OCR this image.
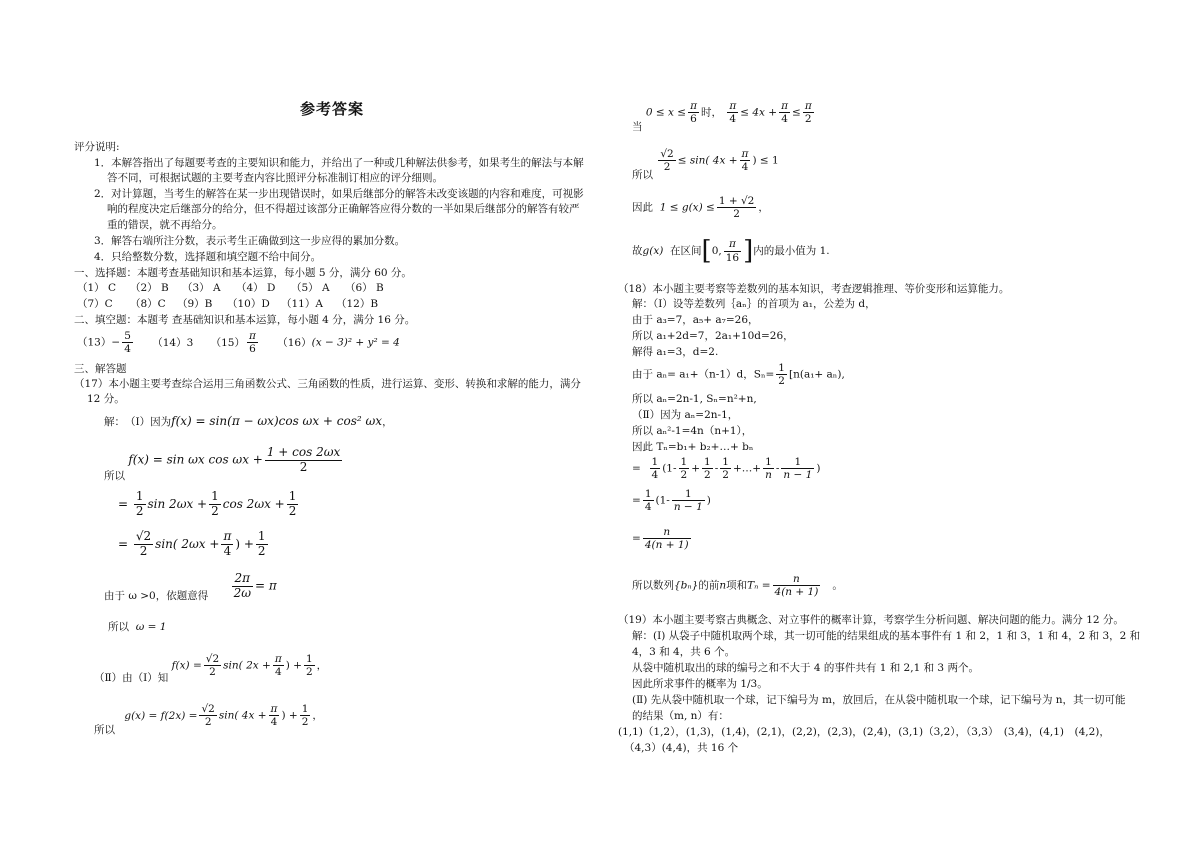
参考答案
评分说明:
1．本解答指出了每题要考查的主要知识和能力，并给出了一种或几种解法供参考，如果考生的解法与本解
答不同，可根据试题的主要考查内容比照评分标准制订相应的评分细则。
2．对计算题，当考生的解答在某一步出现错误时，如果后继部分的解答未改变该题的内容和难度，可视影
响的程度决定后继部分的给分，但不得超过该部分正确解答应得分数的一半如果后继部分的解答有较严
重的错误，就不再给分。
3．解答右端所注分数，表示考生正确做到这一步应得的累加分数。
4．只给整数分数，选择题和填空题不给中间分。
一、选择题：本题考查基础知识和基本运算，每小题 5 分，满分 60 分。
（1） C （2） B （3） A （4） D （5） A （6） B
（7）C （8）C （9）B （10）D （11）A （12）B
二、填空题：本题考 查基础知识和基本运算，每小题 4 分，满分 16 分。
$(13)- \frac{5}{4} (14)3$ $(15) \frac{\pi}{6} (16)(x - 3)^2 + y^2 = 4$
三、解答题
（17）本小题主要考查综合运用三角函数公式、三角函数的性质，进行运算、变形、转换和求解的能力，满分
12 分。
解：　（Ⅰ）因为f(x) = sin(π − ωx)cos ωx + cos² ωx，
所以 f(x) = sin ωx $\cos \omega x + \frac{1 + \cos 2\omega x}{2}$
= $\frac{1}{2}$ $\sin 2\omega x + \frac{1}{2}$ $\cos 2\omega x + \frac{1}{2}$
= $\frac{√2}{2} \sin$( $2\omega x + \frac{\pi}{4}$ ) + $\frac{1}{2}$
由于 ω >0，依题意得 $\frac{2\pi}{2\omega} = \pi$
所以 ω = 1
（Ⅱ）由（Ⅰ）知 $f(x) = \frac{√2}{2} \sin$( $2x + \frac{\pi}{4}$ ) + $\frac{1}{2}$ ，
所以 $g(x) = f(2x) = \frac{√2}{2} \sin$( $4x + \frac{\pi}{4}$ ) + $\frac{1}{2}$ ，
当 $0 \le x \le \frac{\pi}{6}$ 时， $\frac{\pi}{4} \le 4x + \frac{\pi}{4} \le \frac{\pi}{2}$
所以
$\frac{√2}{2} \le \sin$( $4x + \frac{\pi}{4}$ ) ≤ 1
因此 $1 \le g(x) \le \frac{1 + √2}{2}$ ，
故g(x) 在区间[0, $\frac{\pi}{16}$ ]内的最小值为 1.
（18）本小题主要考察等差数列的基本知识，考查逻辑推理、等价变形和运算能力。
解：（Ⅰ）设等差数列｛aₙ｝的首项为 a₁，公差为 d，
由于 a₃=7，a₅+ a₇=26，
所以 a₁+2d=7，2a₁+10d=26，
解得 a₁=3，d=2.
由于 aₙ= a₁+（n-1）d，$S_n= \frac{1}{2} [n(a_1+ a_n)$,
所以 aₙ=2n-1, Sₙ=n²+n,
（Ⅱ）因为 aₙ=2n-1，
所以 aₙ²-1=4n（n+1），
因此 Tₙ=b₁+ b₂+…+ bₙ
= $\frac{1}{4} (1- \frac{1}{2} + \frac{1}{2} - \frac{1}{2}$ +…+ $\frac{1}{n} - \frac{1}{n - 1}$ )
= $\frac{1}{4} (1- \frac{1}{n - 1}$ )
= $\frac{n}{4(n + 1)}$
所以数列{bₙ}的前n项和$T_n = \frac{n}{4(n + 1)}$ 。
（19）本小题主要考察古典概念、对立事件的概率计算，考察学生分析问题、解决问题的能力。满分 12 分。
解：(Ⅰ) 从袋子中随机取两个球，其一切可能的结果组成的基本事件有 1 和 2，1 和 3，1 和 4，2 和 3，2 和
4，3 和 4，共 6 个。
从袋中随机取出的球的编号之和不大于 4 的事件共有 1 和 2,1 和 3 两个。
因此所求事件的概率为 1/3。
(Ⅱ) 先从袋中随机取一个球，记下编号为 m，放回后，在从袋中随机取一个球，记下编号为 n，其一切可能
的结果（m, n）有：
(1,1)（1,2），(1,3)，(1,4)，(2,1)，(2,2)，(2,3)，(2,4)，(3,1)（3,2），（3,3）　(3,4)，(4,1)　(4,2)，
（4,3）(4,4)，共 16 个
